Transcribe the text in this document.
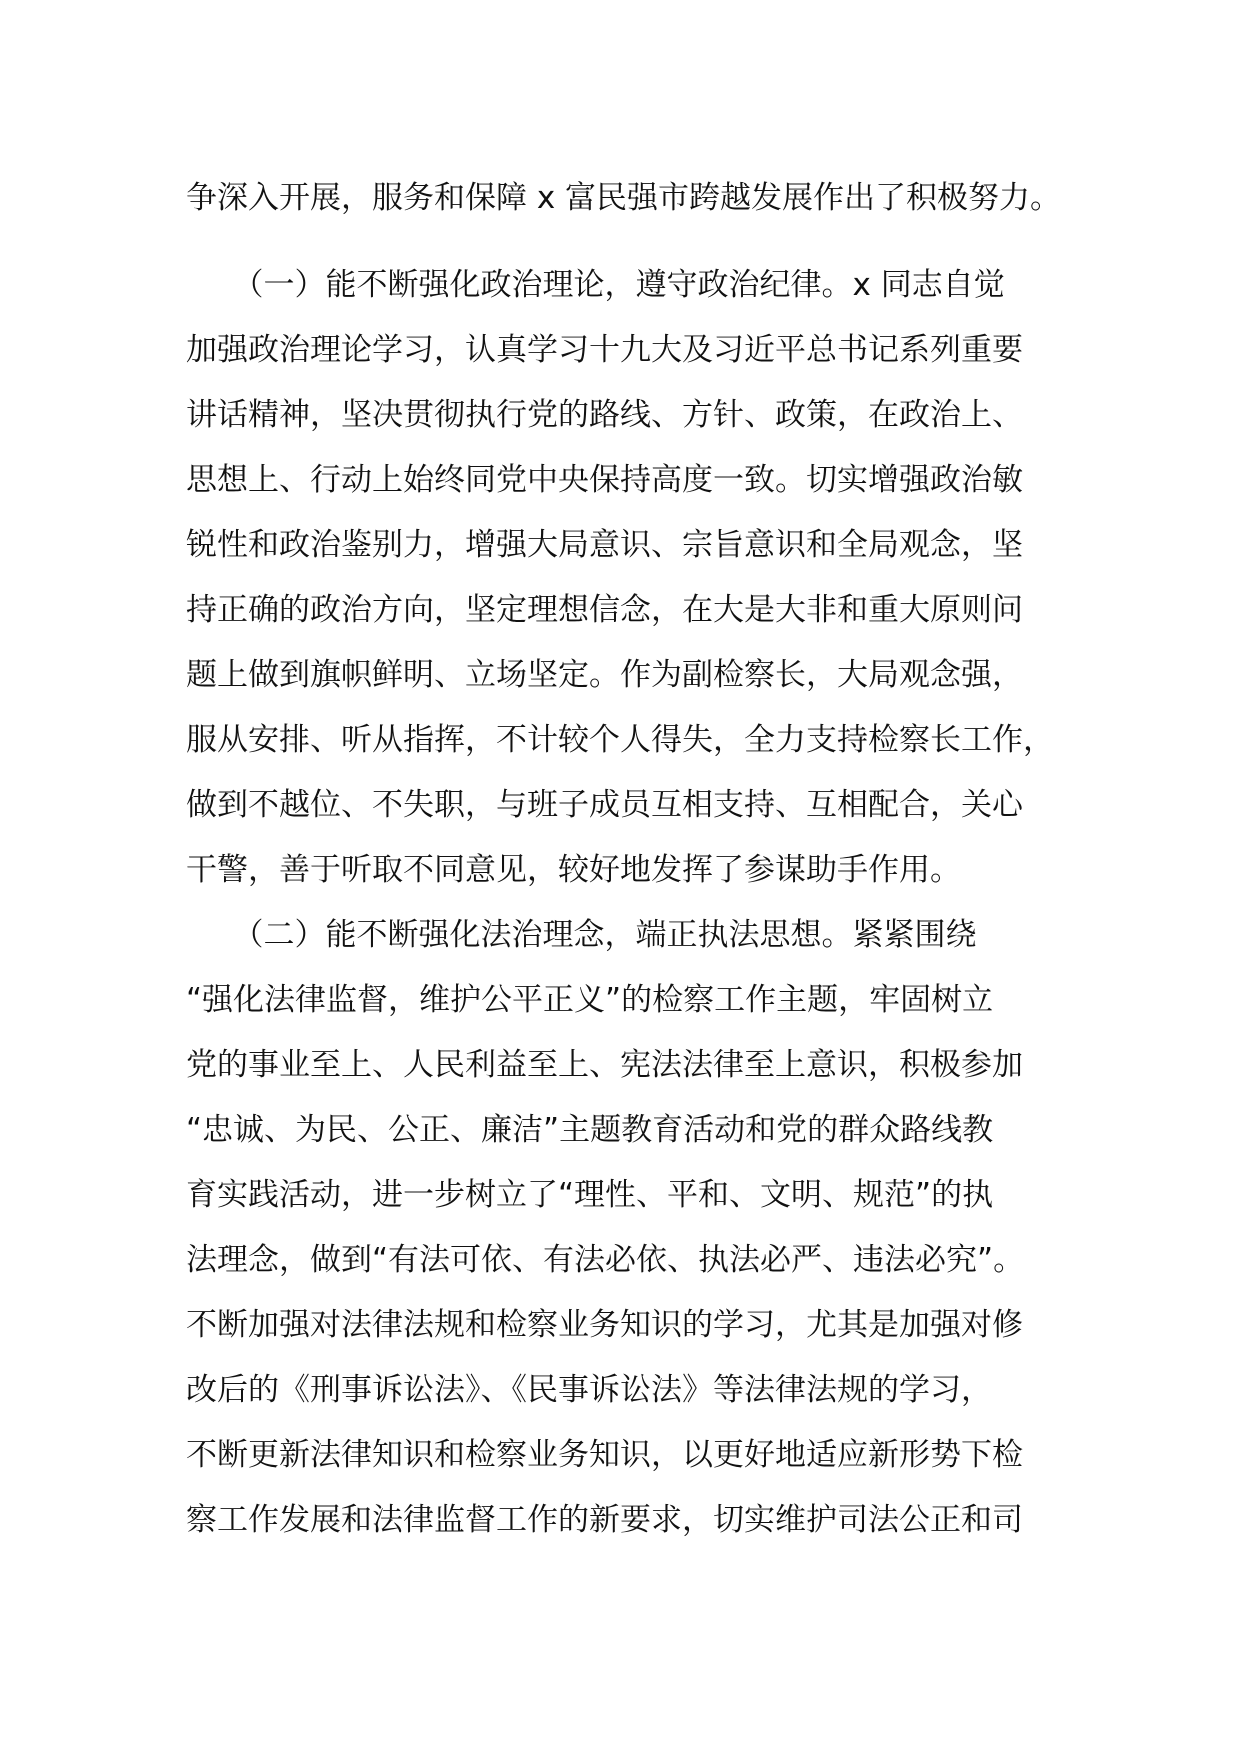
争深入开展，服务和保障 x 富民强市跨越发展作出了积极努力。
　　（一）能不断强化政治理论，遵守政治纪律。x 同志自觉
加强政治理论学习，认真学习十九大及习近平总书记系列重要
讲话精神，坚决贯彻执行党的路线、方针、政策，在政治上、
思想上、行动上始终同党中央保持高度一致。切实增强政治敏
锐性和政治鉴别力，增强大局意识、宗旨意识和全局观念，坚
持正确的政治方向，坚定理想信念，在大是大非和重大原则问
题上做到旗帜鲜明、立场坚定。作为副检察长，大局观念强，
服从安排、听从指挥，不计较个人得失，全力支持检察长工作，
做到不越位、不失职，与班子成员互相支持、互相配合，关心
干警，善于听取不同意见，较好地发挥了参谋助手作用。
　　（二）能不断强化法治理念，端正执法思想。紧紧围绕
“强化法律监督，维护公平正义”的检察工作主题，牢固树立
党的事业至上、人民利益至上、宪法法律至上意识，积极参加
“忠诚、为民、公正、廉洁”主题教育活动和党的群众路线教
育实践活动，进一步树立了“理性、平和、文明、规范”的执
法理念，做到“有法可依、有法必依、执法必严、违法必究”。
不断加强对法律法规和检察业务知识的学习，尤其是加强对修
改后的《刑事诉讼法》、《民事诉讼法》等法律法规的学习，
不断更新法律知识和检察业务知识，以更好地适应新形势下检
察工作发展和法律监督工作的新要求，切实维护司法公正和司
